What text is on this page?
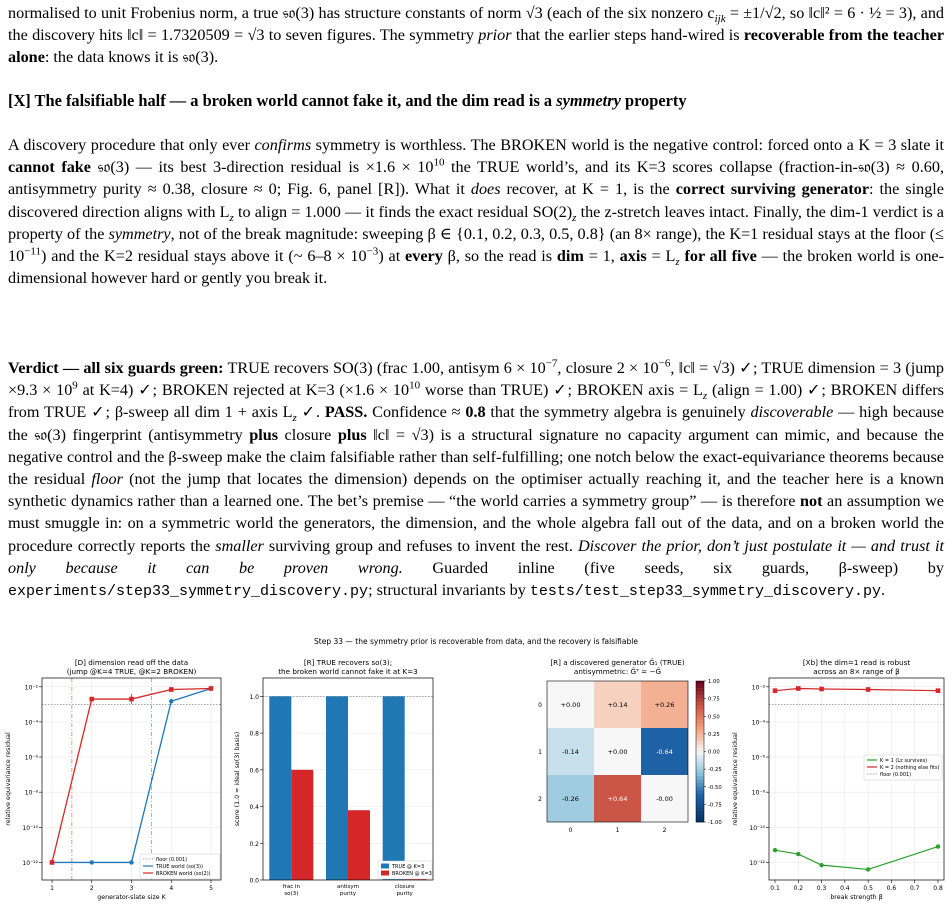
normalised to unit Frobenius norm, a true 𝔰𝔬(3) has structure constants of norm √3 (each of the six nonzero $c_{ijk} = \pm 1/√2$, so ‖c‖² = 6 · ½ = 3), and the discovery hits ‖c‖ = 1.7320509 = √3 to seven figures. The symmetry prior that the earlier steps hand-wired is recoverable from the teacher alone: the data knows it is 𝔰𝔬(3).

[X] The falsifiable half — a broken world cannot fake it, and the dim read is a symmetry property

A discovery procedure that only ever confirms symmetry is worthless. The BROKEN world is the negative control: forced onto a K = 3 slate it cannot fake 𝔰𝔬(3) — its best 3-direction residual is $\times 1.6 \times 10^{10}$ the TRUE world’s, and its K=3 scores collapse (fraction-in-𝔰𝔬(3) ≈ 0.60, antisymmetry purity ≈ 0.38, closure ≈ 0; Fig. 6, panel [R]). What it does recover, at K = 1, is the correct surviving generator: the single discovered direction aligns with $L_z$ to align = 1.000 — it finds the exact residual $SO(2)_z$ the z-stretch leaves intact. Finally, the dim-1 verdict is a property of the symmetry, not of the break magnitude: sweeping β ∈ {0.1, 0.2, 0.3, 0.5, 0.8} (an 8× range), the K=1 residual stays at the floor (≤ $10^{-11}$) and the K=2 residual stays above it (~ $6-8 \times 10^{-3}$) at every β, so the read is dim = 1, axis = $L_z$ for all five — the broken world is one-dimensional however hard or gently you break it.

Verdict — all six guards green: TRUE recovers SO(3) (frac 1.00, antisym $6 \times 10^{-7}$, closure $2 \times 10^{-6}$, ‖c‖ = √3) ✓; TRUE dimension = 3 (jump $\times 9.3 \times 10^9$ at K=4) ✓; BROKEN rejected at K=3 ($\times 1.6 \times 10^{10}$ worse than TRUE) ✓; BROKEN axis = $L_z$ (align = 1.00) ✓; BROKEN differs from TRUE ✓; β-sweep all dim 1 + axis $L_z$ ✓. PASS. Confidence ≈ 0.8 that the symmetry algebra is genuinely discoverable — high because the 𝔰𝔬(3) fingerprint (antisymmetry plus closure plus ‖c‖ = √3) is a structural signature no capacity argument can mimic, and because the negative control and the β-sweep make the claim falsifiable rather than self-fulfilling; one notch below the exact-equivariance theorems because the residual floor (not the jump that locates the dimension) depends on the optimiser actually reaching it, and the teacher here is a known synthetic dynamics rather than a learned one. The bet’s premise — “the world carries a symmetry group” — is therefore not an assumption we must smuggle in: on a symmetric world the generators, the dimension, and the whole algebra fall out of the data, and on a broken world the procedure correctly reports the smaller surviving group and refuses to invent the rest. Discover the prior, don’t just postulate it — and trust it only because it can be proven wrong. Guarded inline (five seeds, six guards, β-sweep) by experiments/step33_symmetry_discovery.py; structural invariants by tests/test_step33_symmetry_discovery.py.

Step 33 — the symmetry prior is recoverable from data, and the recovery is falsifiable
[D] dimension read off the data
(jump @K=4 TRUE, @K=2 BROKEN)
10⁻¹²
10⁻¹⁰
10⁻⁸
10⁻⁶
10⁻⁴
10⁻²
1	2	3	4	5
generator-slate size K
relative equivariance residual
floor (0.001)
TRUE world (so(3))
BROKEN world (so(2))
[R] TRUE recovers so(3);
the broken world cannot fake it at K=3
0.0
0.2
0.4
0.6
0.8
1.0
frac in
so(3)
antisym
purity
closure
purity
score (1.0 = ideal so(3) basis)
TRUE @ K=3
BROKEN @ K=3
[R] a discovered generator Ĝ₁ (TRUE)
antisymmetric: Ĝᵀ = −Ĝ
+0.00	+0.14	+0.26
-0.14	+0.00	-0.64
-0.26	+0.64	-0.00
0
0
1
1
2
2
1.00
0.75
0.50
0.25
0.00
-0.25
-0.50
-0.75
-1.00
[Xb] the dim=1 read is robust
across an 8× range of β
10⁻¹²
10⁻¹⁰
10⁻⁸
10⁻⁶
10⁻⁴
10⁻²
0.1 0.2 0.3 0.4 0.5 0.6 0.7 0.8
break strength β
relative equivariance residual	K = 1 (Lz survives)
K = 2 (nothing else fits)
floor (0.001)
